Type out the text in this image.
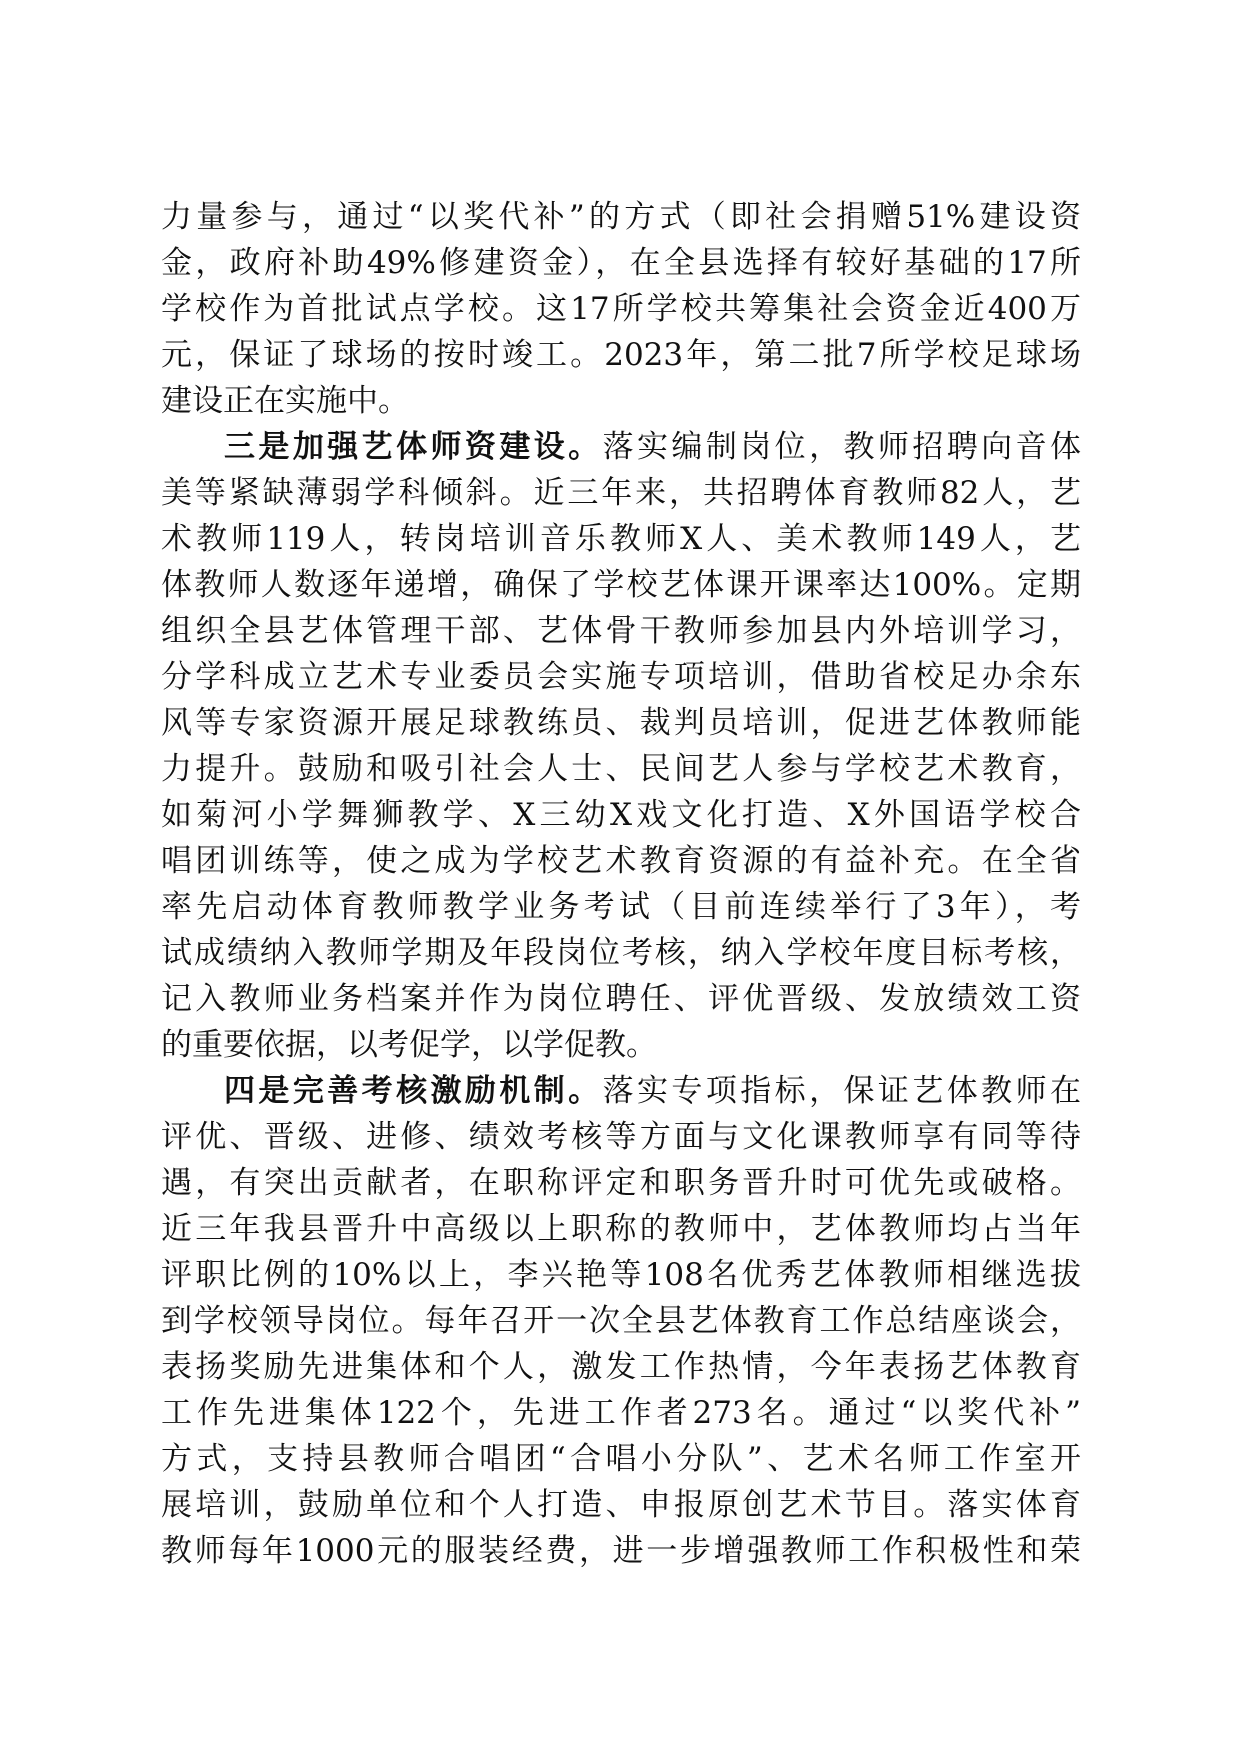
力量参与，通过“以奖代补”的方式（即社会捐赠51%建设资
金，政府补助49%修建资金），在全县选择有较好基础的17所
学校作为首批试点学校。这17所学校共筹集社会资金近400万
元，保证了球场的按时竣工。2023年，第二批7所学校足球场
建设正在实施中。
三是加强艺体师资建设。落实编制岗位，教师招聘向音体
美等紧缺薄弱学科倾斜。近三年来，共招聘体育教师82人，艺
术教师119人，转岗培训音乐教师X人、美术教师149人，艺
体教师人数逐年递增，确保了学校艺体课开课率达100%。定期
组织全县艺体管理干部、艺体骨干教师参加县内外培训学习，
分学科成立艺术专业委员会实施专项培训，借助省校足办余东
风等专家资源开展足球教练员、裁判员培训，促进艺体教师能
力提升。鼓励和吸引社会人士、民间艺人参与学校艺术教育，
如菊河小学舞狮教学、X三幼X戏文化打造、X外国语学校合
唱团训练等，使之成为学校艺术教育资源的有益补充。在全省
率先启动体育教师教学业务考试（目前连续举行了3年），考
试成绩纳入教师学期及年段岗位考核，纳入学校年度目标考核，
记入教师业务档案并作为岗位聘任、评优晋级、发放绩效工资
的重要依据，以考促学，以学促教。
四是完善考核激励机制。落实专项指标，保证艺体教师在
评优、晋级、进修、绩效考核等方面与文化课教师享有同等待
遇，有突出贡献者，在职称评定和职务晋升时可优先或破格。
近三年我县晋升中高级以上职称的教师中，艺体教师均占当年
评职比例的10%以上，李兴艳等108名优秀艺体教师相继选拔
到学校领导岗位。每年召开一次全县艺体教育工作总结座谈会，
表扬奖励先进集体和个人，激发工作热情，今年表扬艺体教育
工作先进集体122个，先进工作者273名。通过“以奖代补”
方式，支持县教师合唱团“合唱小分队”、艺术名师工作室开
展培训，鼓励单位和个人打造、申报原创艺术节目。落实体育
教师每年1000元的服装经费，进一步增强教师工作积极性和荣
